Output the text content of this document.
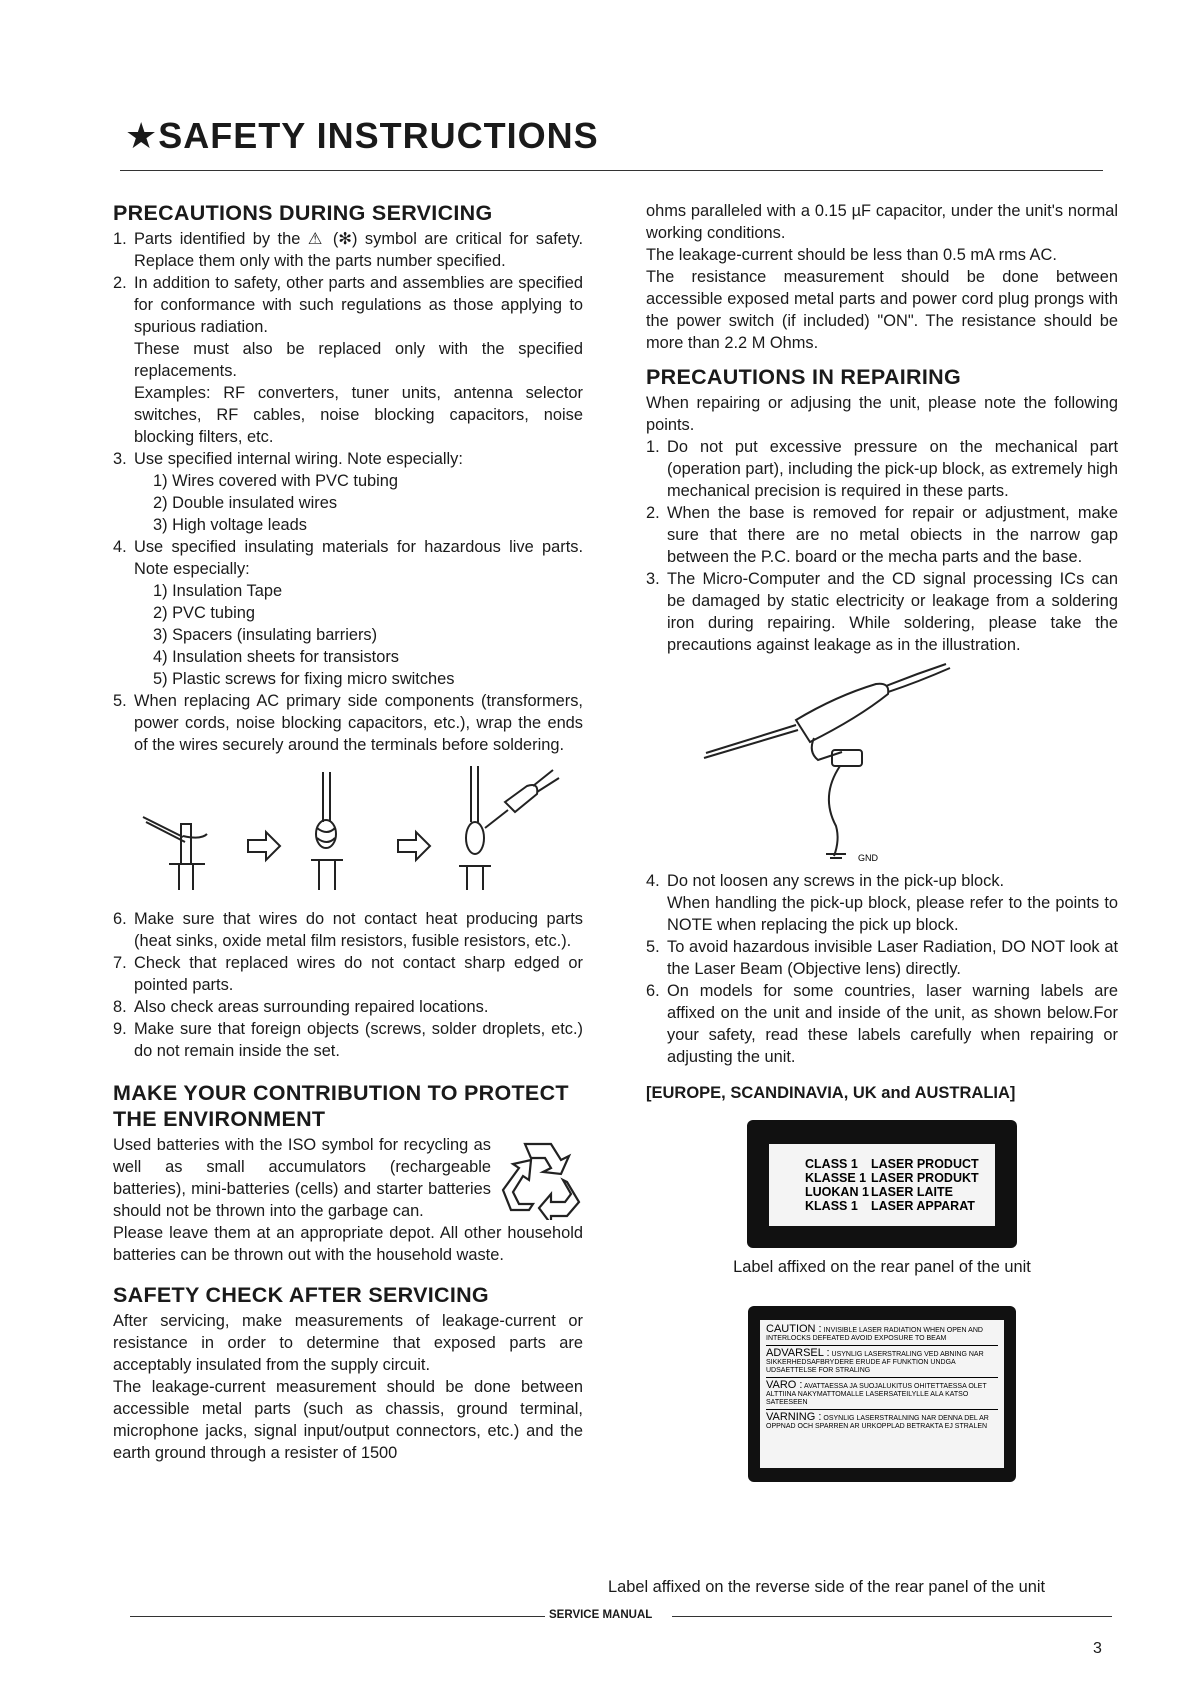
★SAFETY INSTRUCTIONS
PRECAUTIONS DURING SERVICING
1. Parts identified by the ⚠ (✻) symbol are critical for safety. Replace them only with the parts number specified.
2. In addition to safety, other parts and assemblies are specified for conformance with such regulations as those applying to spurious radiation.
These must also be replaced only with the specified replacements.
Examples: RF converters, tuner units, antenna selector switches, RF cables, noise blocking capacitors, noise blocking filters, etc.
3. Use specified internal wiring. Note especially:
1) Wires covered with PVC tubing
2) Double insulated wires
3) High voltage leads
4. Use specified insulating materials for hazardous live parts. Note especially:
1) Insulation Tape
2) PVC tubing
3) Spacers (insulating barriers)
4) Insulation sheets for transistors
5) Plastic screws for fixing micro switches
5. When replacing AC primary side components (transformers, power cords, noise blocking capacitors, etc.), wrap the ends of the wires securely around the terminals before soldering.
6. Make sure that wires do not contact heat producing parts (heat sinks, oxide metal film resistors, fusible resistors, etc.).
7. Check that replaced wires do not contact sharp edged or pointed parts.
8. Also check areas surrounding repaired locations.
9. Make sure that foreign objects (screws, solder droplets, etc.) do not remain inside the set.
MAKE YOUR CONTRIBUTION TO PROTECT THE ENVIRONMENT

Used batteries with the ISO symbol for recycling as well as small accumulators (rechargeable batteries), mini-batteries (cells) and starter batteries should not be thrown into the garbage can.

Please leave them at an appropriate depot. All other household batteries can be thrown out with the household waste.

SAFETY CHECK AFTER SERVICING

After servicing, make measurements of leakage-current or resistance in order to determine that exposed parts are acceptably insulated from the supply circuit.

The leakage-current measurement should be done between accessible metal parts (such as chassis, ground terminal, microphone jacks, signal input/output connectors, etc.) and the earth ground through a resister of 1500

ohms paralleled with a 0.15 µF capacitor, under the unit's normal working conditions.

The leakage-current should be less than 0.5 mA rms AC.

The resistance measurement should be done between accessible exposed metal parts and power cord plug prongs with the power switch (if included) "ON". The resistance should be more than 2.2 M Ohms.

PRECAUTIONS IN REPAIRING

When repairing or adjusing the unit, please note the following points.

1. Do not put excessive pressure on the mechanical part (operation part), including the pick-up block, as extremely high mechanical precision is required in these parts.
2. When the base is removed for repair or adjustment, make sure that there are no metal obiects in the narrow gap between the P.C. board or the mecha parts and the base.
3. The Micro-Computer and the CD signal processing ICs can be damaged by static electricity or leakage from a soldering iron during repairing. While soldering, please take the precautions against leakage as in the illustration.
GND
4. Do not loosen any screws in the pick-up block.
When handling the pick-up block, please refer to the points to NOTE when replacing the pick up block.
5. To avoid hazardous invisible Laser Radiation, DO NOT look at the Laser Beam (Objective lens) directly.
6. On models for some countries, laser warning labels are affixed on the unit and inside of the unit, as shown below.For your safety, read these labels carefully when repairing or adjusting the unit.
[EUROPE, SCANDINAVIA, UK and AUSTRALIA]
CLASS 1 LASER PRODUCT
KLASSE 1 LASER PRODUKT
LUOKAN 1 LASER LAITE
KLASS 1 LASER APPARAT
Label affixed on the rear panel of the unit
CAUTION : INVISIBLE LASER RADIATION WHEN OPEN AND INTERLOCKS DEFEATED AVOID EXPOSURE TO BEAM
ADVARSEL : USYNLIG LASERSTRALING VED ABNING NAR SIKKERHEDSAFBRYDERE ERUDE AF FUNKTION UNDGA UDSAETTELSE FOR STRALING
VARO : AVATTAESSA JA SUOJALUKITUS OHITETTAESSA OLET ALTTIINA NAKYMATTOMALLE LASERSATEILYLLE ALA KATSO SATEESEEN
VARNING : OSYNLIG LASERSTRALNING NAR DENNA DEL AR OPPNAD OCH SPARREN AR URKOPPLAD BETRAKTA EJ STRALEN
Label affixed on the reverse side of the rear panel of the unit
SERVICE MANUAL
3
